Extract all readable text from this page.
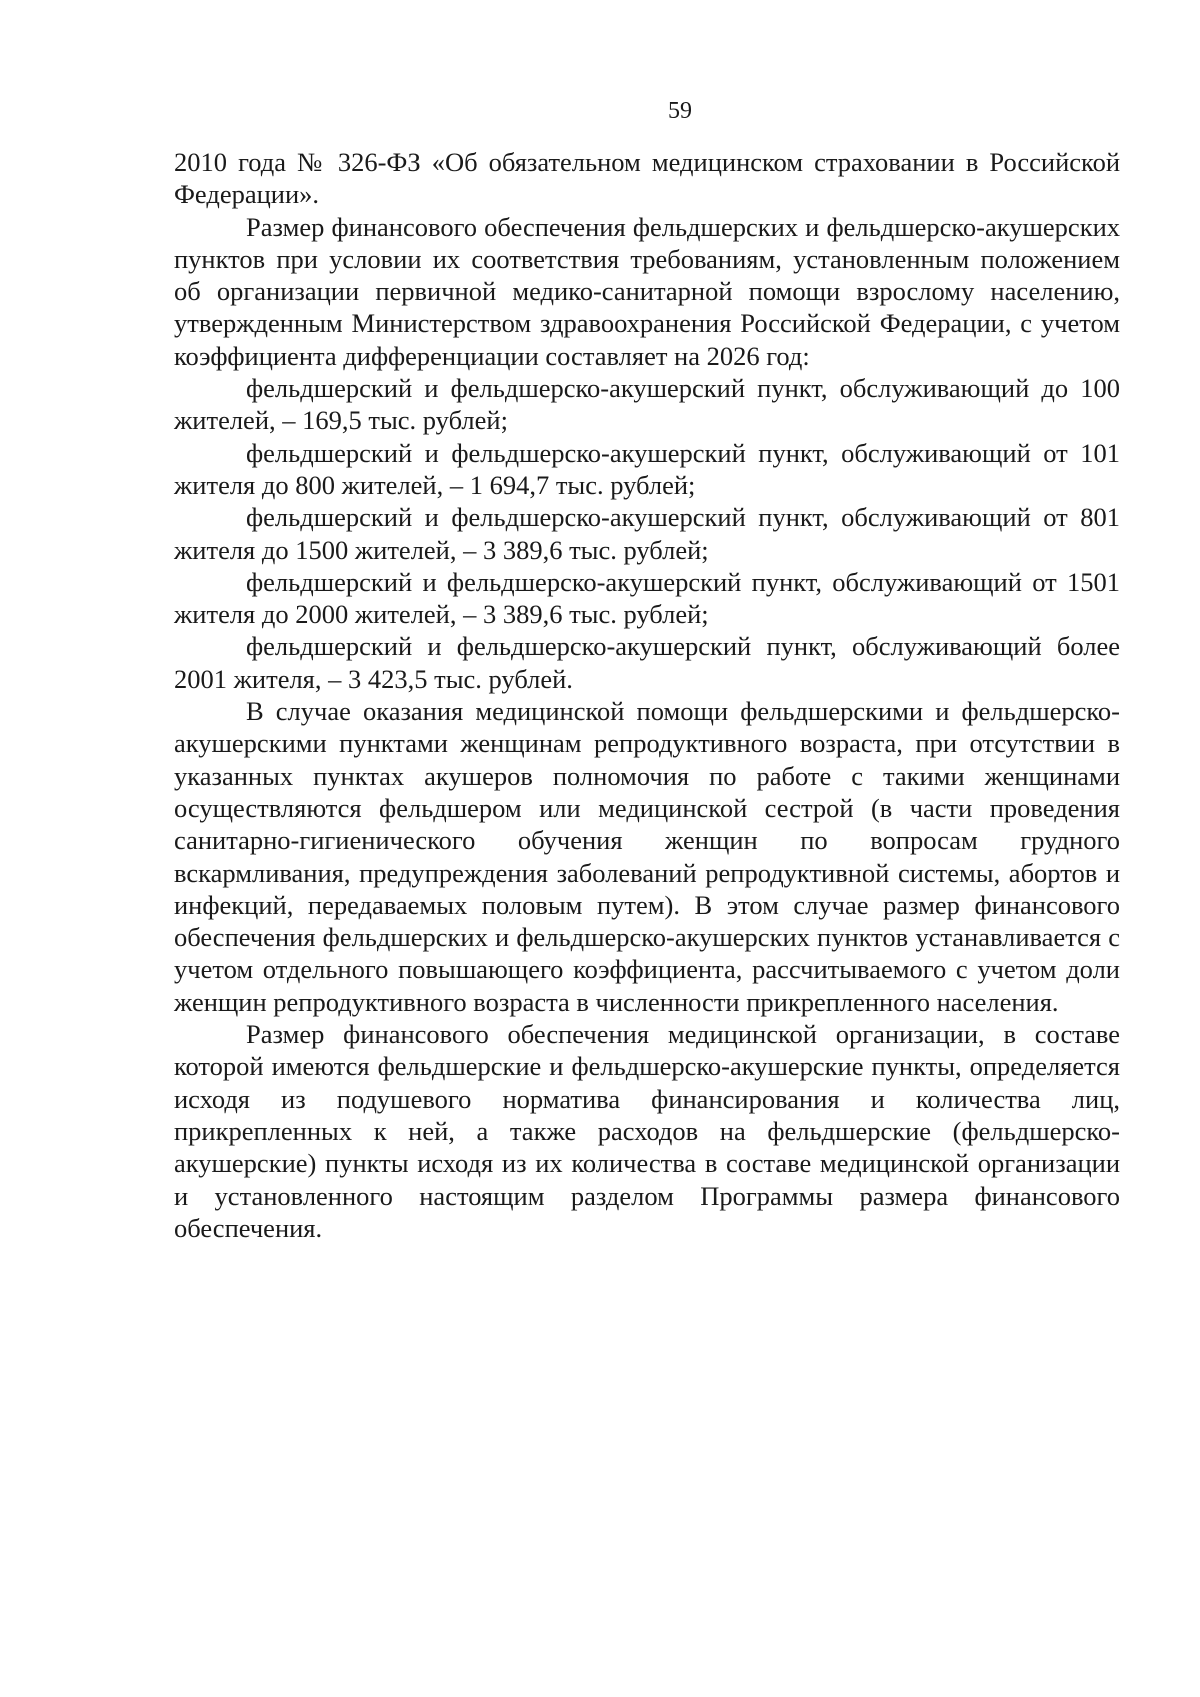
59

2010 года № 326-ФЗ «Об обязательном медицинском страховании в Российской Федерации».

Размер финансового обеспечения фельдшерских и фельдшерско-акушерских пунктов при условии их соответствия требованиям, установленным положением об организации первичной медико-санитарной помощи взрослому населению, утвержденным Министерством здравоохранения Российской Федерации, с учетом коэффициента дифференциации составляет на 2026 год:

фельдшерский и фельдшерско-акушерский пункт, обслуживающий до 100 жителей, – 169,5 тыс. рублей;

фельдшерский и фельдшерско-акушерский пункт, обслуживающий от 101 жителя до 800 жителей, – 1 694,7 тыс. рублей;

фельдшерский и фельдшерско-акушерский пункт, обслуживающий от 801 жителя до 1500 жителей, – 3 389,6 тыс. рублей;

фельдшерский и фельдшерско-акушерский пункт, обслуживающий от 1501 жителя до 2000 жителей, – 3 389,6 тыс. рублей;

фельдшерский и фельдшерско-акушерский пункт, обслуживающий более 2001 жителя, – 3 423,5 тыс. рублей.

В случае оказания медицинской помощи фельдшерскими и фельдшерско-акушерскими пунктами женщинам репродуктивного возраста, при отсутствии в указанных пунктах акушеров полномочия по работе с такими женщинами осуществляются фельдшером или медицинской сестрой (в части проведения санитарно-гигиенического обучения женщин по вопросам грудного вскармливания, предупреждения заболеваний репродуктивной системы, абортов и инфекций, передаваемых половым путем). В этом случае размер финансового обеспечения фельдшерских и фельдшерско-акушерских пунктов устанавливается с учетом отдельного повышающего коэффициента, рассчитываемого с учетом доли женщин репродуктивного возраста в численности прикрепленного населения.

Размер финансового обеспечения медицинской организации, в составе которой имеются фельдшерские и фельдшерско-акушерские пункты, определяется исходя из подушевого норматива финансирования и количества лиц, прикрепленных к ней, а также расходов на фельдшерские (фельдшерско-акушерские) пункты исходя из их количества в составе медицинской организации и установленного настоящим разделом Программы размера финансового обеспечения.
